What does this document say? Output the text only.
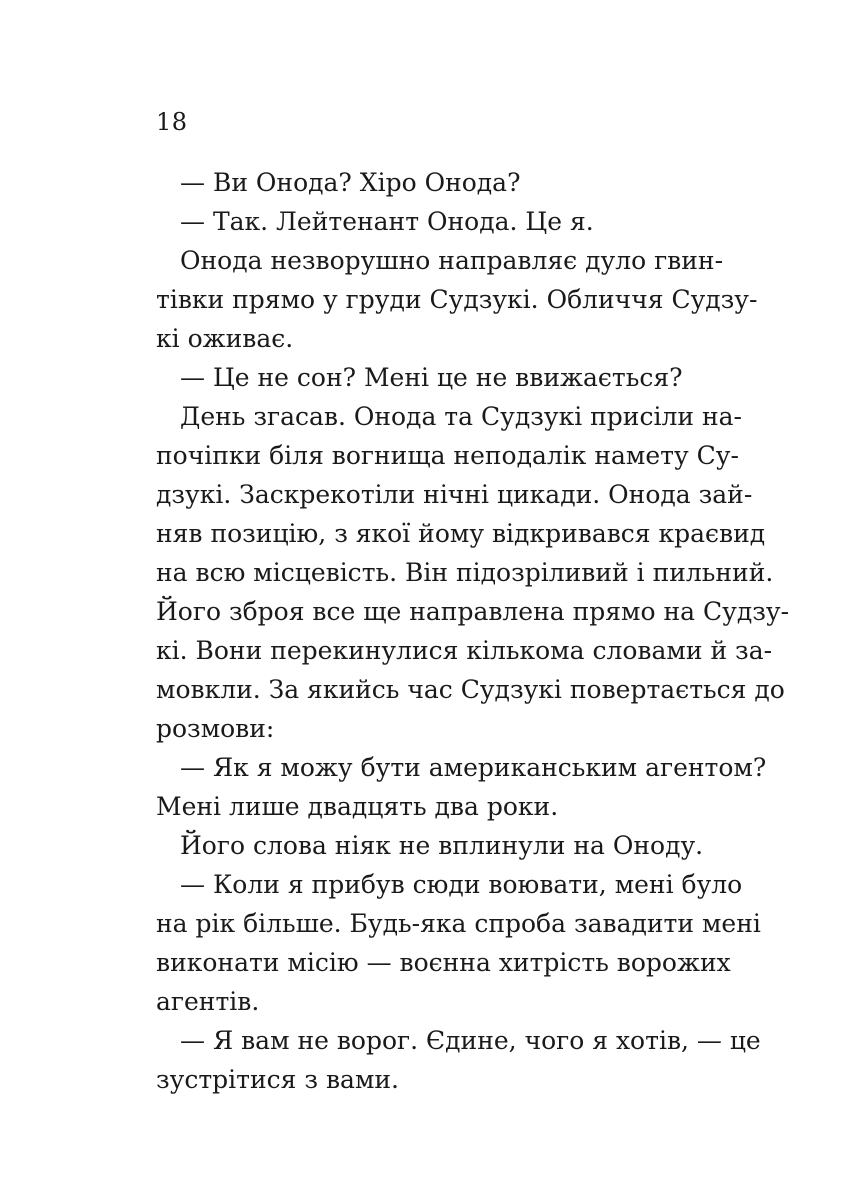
18
— Ви Онода? Хіро Онода?
— Так. Лейтенант Онода. Це я.
Онода незворушно направляє дуло гвин-
тівки прямо у груди Судзукі. Обличчя Судзу-
кі оживає.
— Це не сон? Мені це не ввижається?
День згасав. Онода та Судзукі присіли на-
почіпки біля вогнища неподалік намету Су-
дзукі. Заскрекотіли нічні цикади. Онода зай-
няв позицію, з якої йому відкривався краєвид
на всю місцевість. Він підозріливий і пильний.
Його зброя все ще направлена прямо на Судзу-
кі. Вони перекинулися кількома словами й за-
мовкли. За якийсь час Судзукі повертається до
розмови:
— Як я можу бути американським агентом?
Мені лише двадцять два роки.
Його слова ніяк не вплинули на Оноду.
— Коли я прибув сюди воювати, мені було
на рік більше. Будь-яка спроба завадити мені
виконати місію — воєнна хитрість ворожих
агентів.
— Я вам не ворог. Єдине, чого я хотів, — це
зустрітися з вами.
